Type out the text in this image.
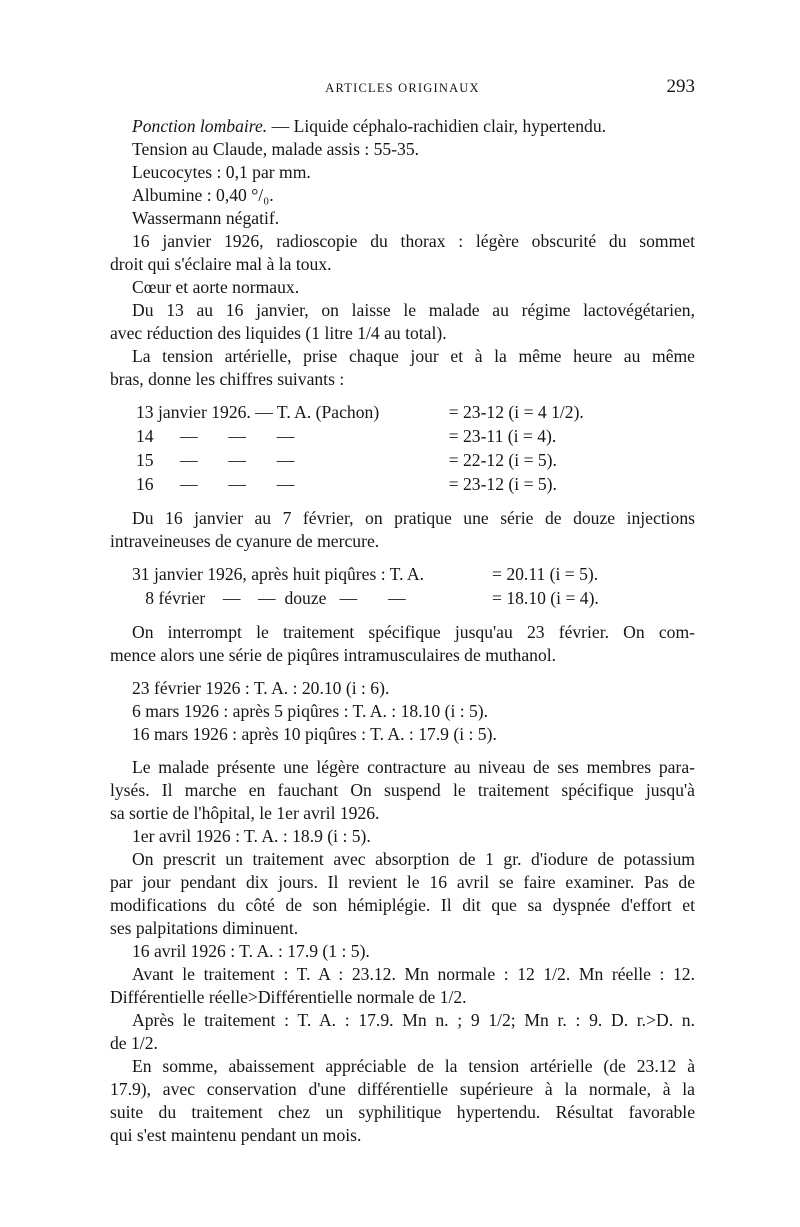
ARTICLES ORIGINAUX	293
Ponction lombaire. — Liquide céphalo-rachidien clair, hypertendu.
Tension au Claude, malade assis : 55-35.
Leucocytes : 0,1 par mm.
Albumine : 0,40 °/₀.
Wassermann négatif.
16 janvier 1926, radioscopie du thorax : légère obscurité du sommet
droit qui s'éclaire mal à la toux.
Cœur et aorte normaux.
Du 13 au 16 janvier, on laisse le malade au régime lactovégétarien,
avec réduction des liquides (1 litre 1/4 au total).
La tension artérielle, prise chaque jour et à la même heure au même
bras, donne les chiffres suivants :
13 janvier 1926. — T. A. (Pachon)	= 23-12 (i = 4 1/2).
14      —       —       —	= 23-11 (i = 4).
15      —       —       —	= 22-12 (i = 5).
16      —       —       —	= 23-12 (i = 5).
Du 16 janvier au 7 février, on pratique une série de douze injections
intraveineuses de cyanure de mercure.
31 janvier 1926, après huit piqûres : T. A.	= 20.11 (i = 5).
8 février    —    —  douze   —       —	= 18.10 (i = 4).
On interrompt le traitement spécifique jusqu'au 23 février. On com-
mence alors une série de piqûres intramusculaires de muthanol.
23 février 1926 : T. A. : 20.10 (i : 6).
6 mars 1926 : après 5 piqûres : T. A. : 18.10 (i : 5).
16 mars 1926 : après 10 piqûres : T. A. : 17.9 (i : 5).
Le malade présente une légère contracture au niveau de ses membres para-
lysés. Il marche en fauchant On suspend le traitement spécifique jusqu'à
sa sortie de l'hôpital, le 1er avril 1926.
1er avril 1926 : T. A. : 18.9 (i : 5).
On prescrit un traitement avec absorption de 1 gr. d'iodure de potassium
par jour pendant dix jours. Il revient le 16 avril se faire examiner. Pas de
modifications du côté de son hémiplégie. Il dit que sa dyspnée d'effort et
ses palpitations diminuent.
16 avril 1926 : T. A. : 17.9 (1 : 5).
Avant le traitement : T. A : 23.12. Mn normale : 12 1/2. Mn réelle : 12.
Différentielle réelle>Différentielle normale de 1/2.
Après le traitement : T. A. : 17.9. Mn n. ; 9 1/2; Mn r. : 9. D. r.>D. n.
de 1/2.
En somme, abaissement appréciable de la tension artérielle (de 23.12 à
17.9), avec conservation d'une différentielle supérieure à la normale, à la
suite du traitement chez un syphilitique hypertendu. Résultat favorable
qui s'est maintenu pendant un mois.
